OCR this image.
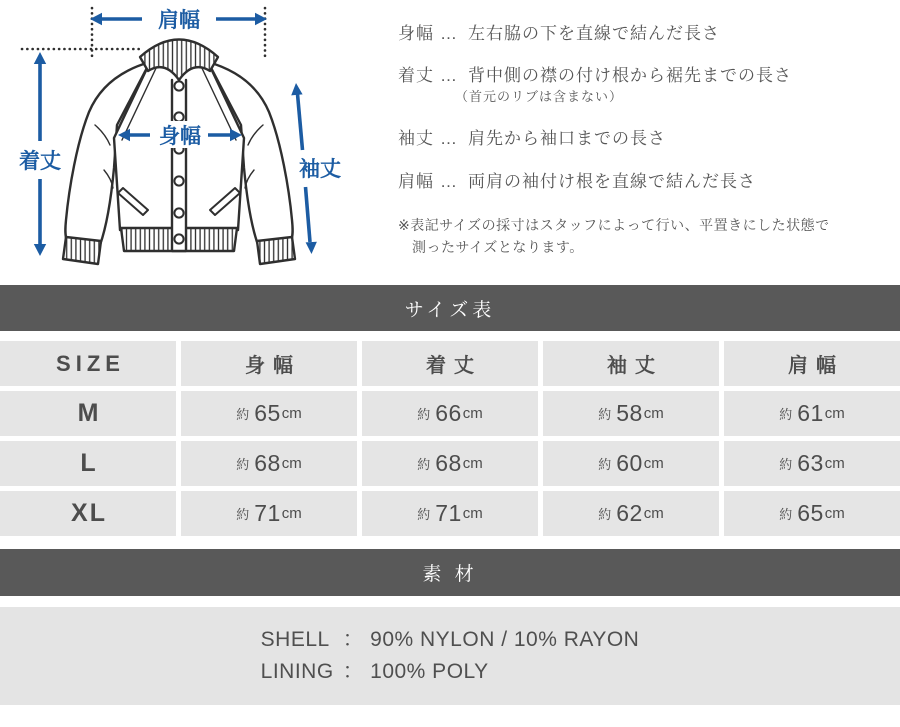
肩幅
着丈
身幅
袖丈
身幅 … 左右脇の下を直線で結んだ長さ
着丈 … 背中側の襟の付け根から裾先までの長さ
（首元のリブは含まない）
袖丈 … 肩先から袖口までの長さ
肩幅 … 両肩の袖付け根を直線で結んだ長さ
※表記サイズの採寸はスタッフによって行い、平置きにした状態で
測ったサイズとなります。
サイズ表
SIZE	身幅	着丈	袖丈	肩幅
M	約 65 cm	約 66 cm	約 58 cm	約 61 cm
L	約 68 cm	約 68 cm	約 60 cm	約 63 cm
XL	約 71 cm	約 71 cm	約 62 cm	約 65 cm
素 材
SHELL ： 90% NYLON / 10% RAYON
LINING ： 100% POLY
